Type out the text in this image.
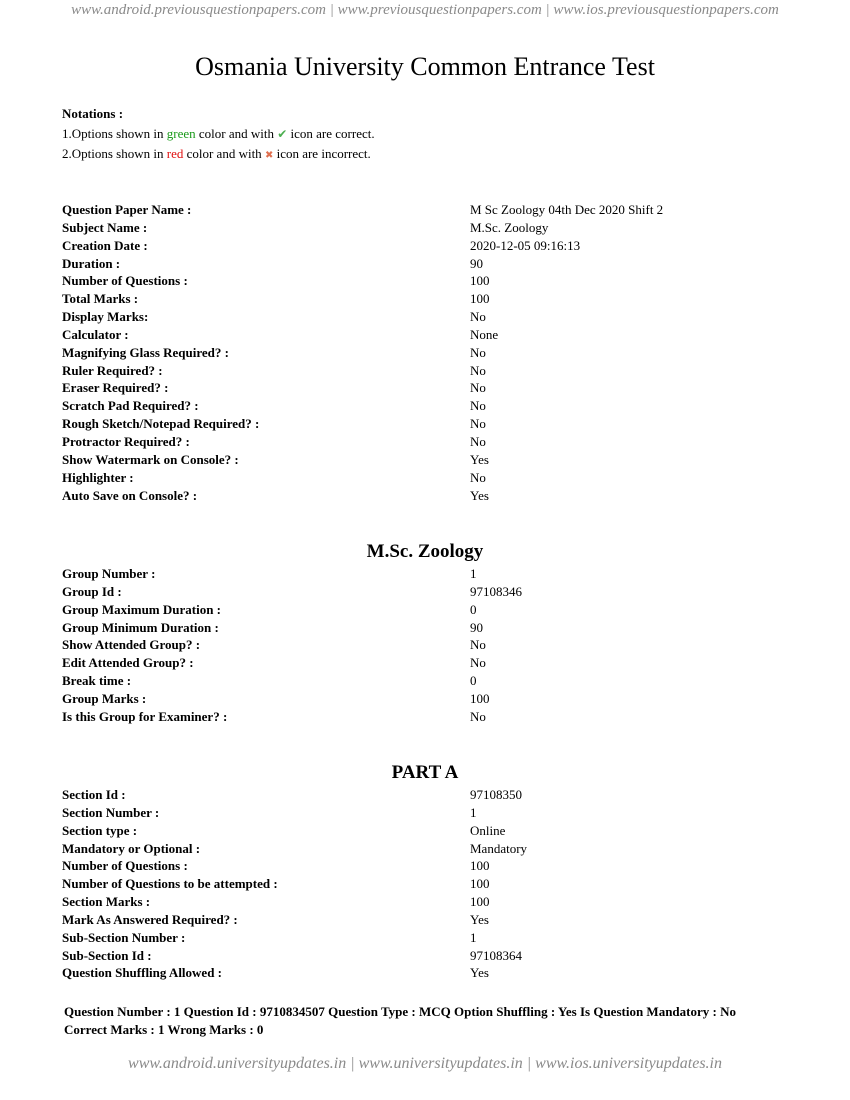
www.android.previousquestionpapers.com | www.previousquestionpapers.com | www.ios.previousquestionpapers.com
Osmania University Common Entrance Test
Notations :
1.Options shown in green color and with ✔ icon are correct.
2.Options shown in red color and with ✖ icon are incorrect.
Question Paper Name :	M Sc Zoology 04th Dec 2020 Shift 2
Subject Name :	M.Sc. Zoology
Creation Date :	2020-12-05 09:16:13
Duration :	90
Number of Questions :	100
Total Marks :	100
Display Marks:	No
Calculator :	None
Magnifying Glass Required? :	No
Ruler Required? :	No
Eraser Required? :	No
Scratch Pad Required? :	No
Rough Sketch/Notepad Required? :	No
Protractor Required? :	No
Show Watermark on Console? :	Yes
Highlighter :	No
Auto Save on Console? :	Yes
M.Sc. Zoology
Group Number :	1
Group Id :	97108346
Group Maximum Duration :	0
Group Minimum Duration :	90
Show Attended Group? :	No
Edit Attended Group? :	No
Break time :	0
Group Marks :	100
Is this Group for Examiner? :	No
PART A
Section Id :	97108350
Section Number :	1
Section type :	Online
Mandatory or Optional :	Mandatory
Number of Questions :	100
Number of Questions to be attempted :	100
Section Marks :	100
Mark As Answered Required? :	Yes
Sub-Section Number :	1
Sub-Section Id :	97108364
Question Shuffling Allowed :	Yes
Question Number : 1 Question Id : 9710834507 Question Type : MCQ Option Shuffling : Yes Is Question Mandatory : No
Correct Marks : 1 Wrong Marks : 0
www.android.universityupdates.in | www.universityupdates.in | www.ios.universityupdates.in
